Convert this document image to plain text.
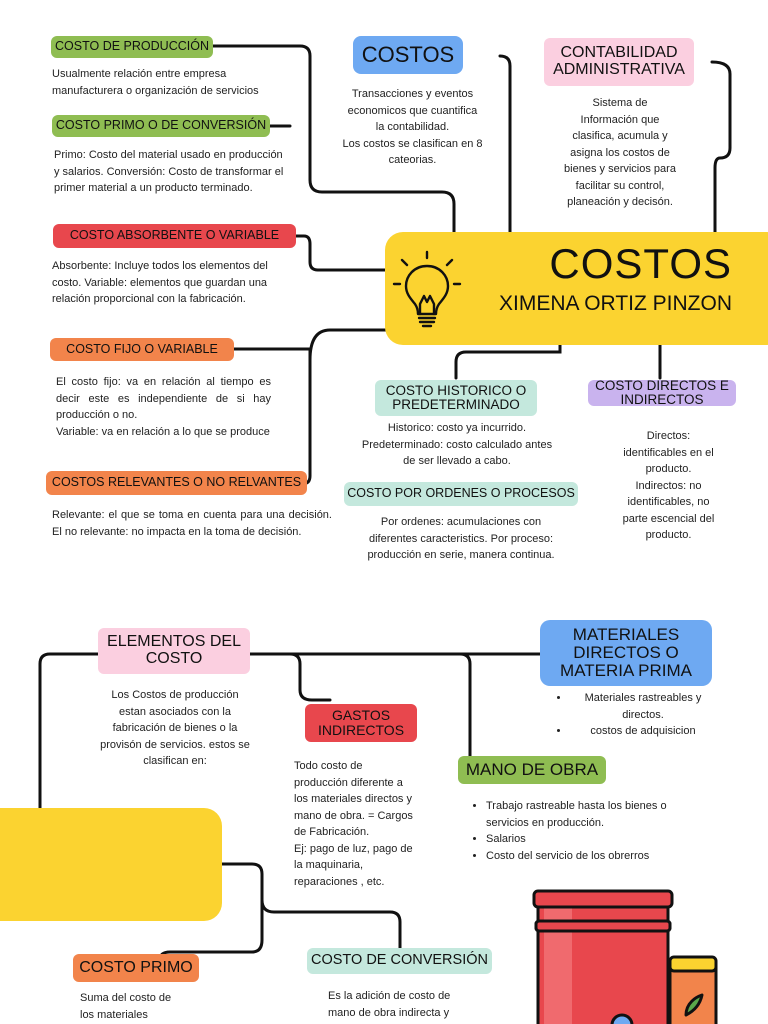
COSTOS
XIMENA ORTIZ PINZON
COSTOS
Transacciones y eventos
economicos que cuantifica
la contabilidad.
Los costos se clasifican en 8
cateorias.
CONTABILIDAD
ADMINISTRATIVA
Sistema de
Información que
clasifica, acumula y
asigna los costos de
bienes y servicios para
facilitar su control,
planeación y decisón.
COSTO DE PRODUCCIÓN
Usualmente relación entre empresa manufacturera o organización de servicios
COSTO PRIMO O DE CONVERSIÓN
Primo: Costo del material usado en producción y salarios. Conversión: Costo de transformar el primer material a un producto terminado.
COSTO ABSORBENTE O VARIABLE
Absorbente: Incluye todos los elementos del costo. Variable: elementos que guardan una relación proporcional con la fabricación.
COSTO FIJO O VARIABLE
El costo fijo: va en relación al tiempo es decir este es independiente de si hay producción o no.
Variable: va en relación a lo que se produce
COSTOS RELEVANTES O NO RELVANTES
Relevante: el que se toma en cuenta para una decisión. El no relevante: no impacta en la toma de decisión.
COSTO HISTORICO O
PREDETERMINADO
Historico: costo ya incurrido.
Predeterminado: costo calculado antes
de ser llevado a cabo.
COSTO POR ORDENES O PROCESOS
Por ordenes: acumulaciones con
diferentes caracteristics. Por proceso:
producción en serie, manera continua.
COSTO DIRECTOS E
INDIRECTOS
Directos:
identificables en el
producto.
Indirectos: no
identificables, no
parte escencial del
producto.
ELEMENTOS DEL
COSTO
Los Costos de producción
estan asociados con la
fabricación de bienes o la
provisón de servicios. estos se
clasifican en:
GASTOS
INDIRECTOS
Todo costo de
producción diferente a
los materiales directos y
mano de obra. = Cargos
de Fabricación.
Ej: pago de luz, pago de
la maquinaria,
reparaciones , etc.
MATERIALES
DIRECTOS O
MATERIA PRIMA
• Materiales rastreables y directos.
• costos de adquisicion
MANO DE OBRA
• Trabajo rastreable hasta los bienes o servicios en producción.
• Salarios
• Costo del servicio de los obrerros
COSTO PRIMO
Suma del costo de
los materiales
COSTO DE CONVERSIÓN
Es la adición de costo de
mano de obra indirecta y
